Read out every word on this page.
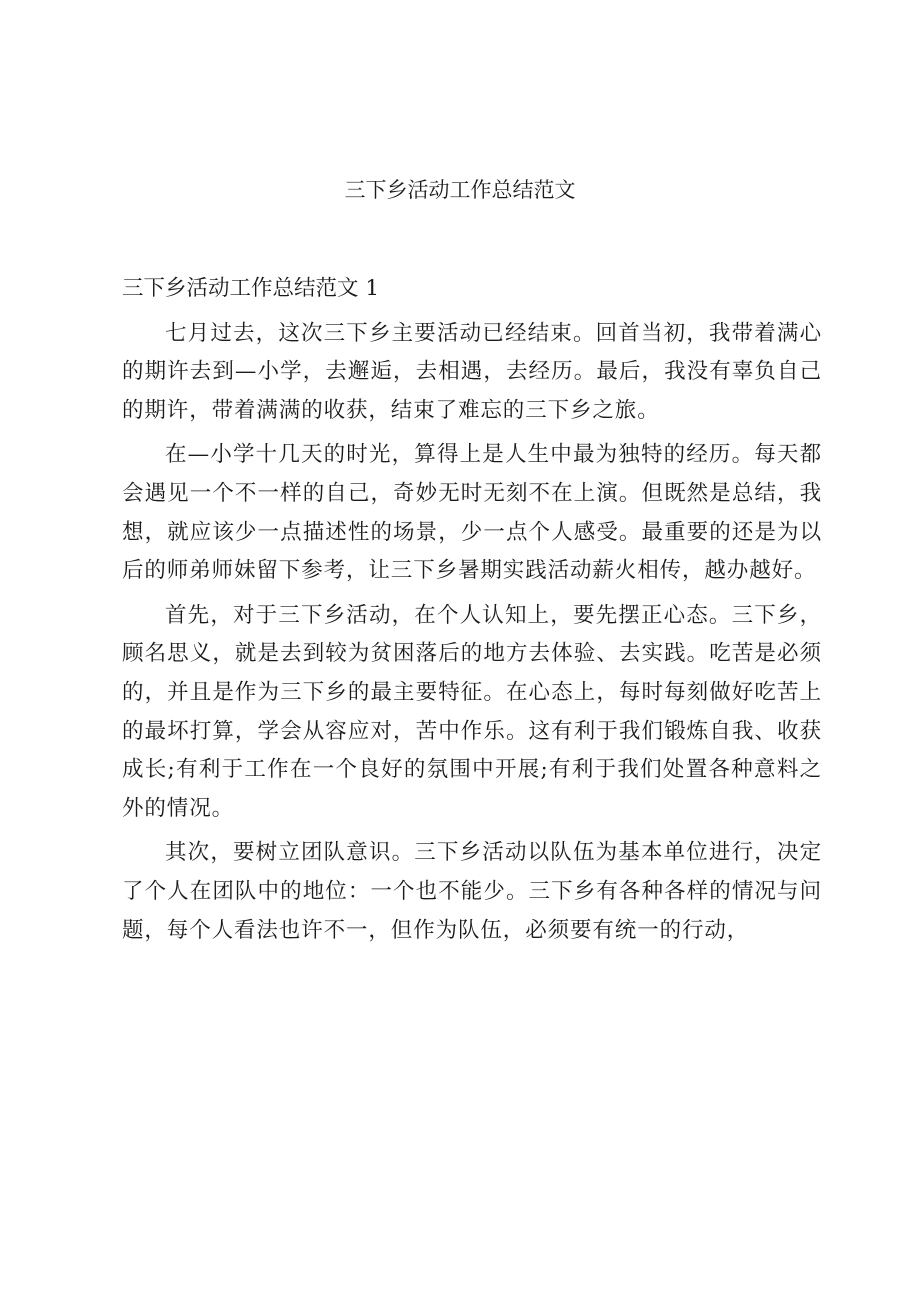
三下乡活动工作总结范文

三下乡活动工作总结范文 1

七月过去，这次三下乡主要活动已经结束。回首当初，我带着满心的期许去到—小学，去邂逅，去相遇，去经历。最后，我没有辜负自己的期许，带着满满的收获，结束了难忘的三下乡之旅。

在—小学十几天的时光，算得上是人生中最为独特的经历。每天都会遇见一个不一样的自己，奇妙无时无刻不在上演。但既然是总结，我想，就应该少一点描述性的场景，少一点个人感受。最重要的还是为以后的师弟师妹留下参考，让三下乡暑期实践活动薪火相传，越办越好。

首先，对于三下乡活动，在个人认知上，要先摆正心态。三下乡，顾名思义，就是去到较为贫困落后的地方去体验、去实践。吃苦是必须的，并且是作为三下乡的最主要特征。在心态上，每时每刻做好吃苦上的最坏打算，学会从容应对，苦中作乐。这有利于我们锻炼自我、收获成长;有利于工作在一个良好的氛围中开展;有利于我们处置各种意料之外的情况。

其次，要树立团队意识。三下乡活动以队伍为基本单位进行，决定了个人在团队中的地位：一个也不能少。三下乡有各种各样的情况与问题，每个人看法也许不一，但作为队伍，必须要有统一的行动，
